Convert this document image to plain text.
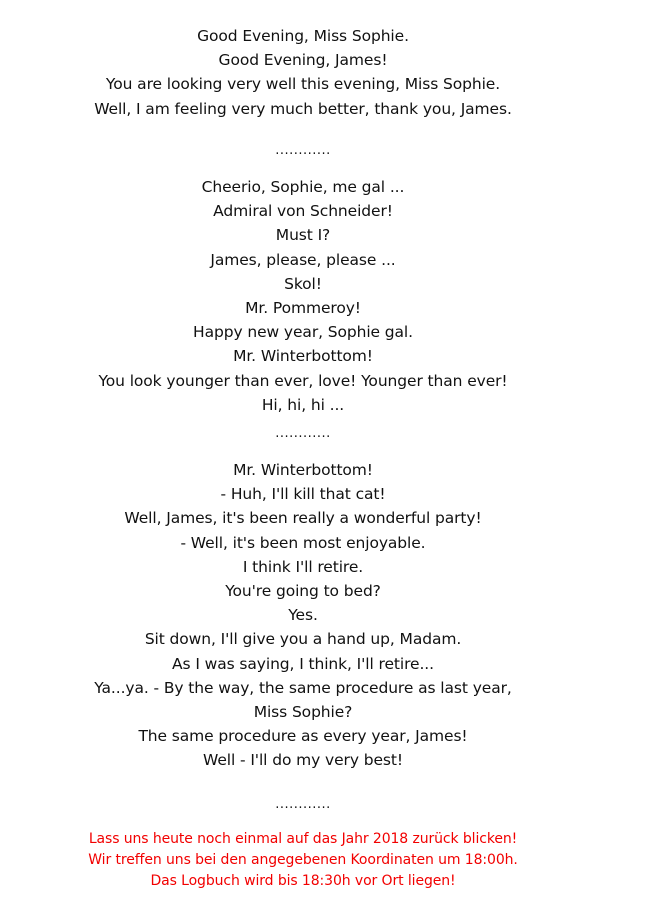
Good Evening, Miss Sophie.
Good Evening, James!
You are looking very well this evening, Miss Sophie.
Well, I am feeling very much better, thank you, James.
............
Cheerio, Sophie, me gal ...
Admiral von Schneider!
Must I?
James, please, please ...
Skol!
Mr. Pommeroy!
Happy new year, Sophie gal.
Mr. Winterbottom!
You look younger than ever, love! Younger than ever!
Hi, hi, hi ...
............
Mr. Winterbottom!
- Huh, I'll kill that cat!
Well, James, it's been really a wonderful party!
- Well, it's been most enjoyable.
I think I'll retire.
You're going to bed?
Yes.
Sit down, I'll give you a hand up, Madam.
As I was saying, I think, I'll retire...
Ya...ya. - By the way, the same procedure as last year,
Miss Sophie?
The same procedure as every year, James!
Well - I'll do my very best!
............
Lass uns heute noch einmal auf das Jahr 2018 zurück blicken!
Wir treffen uns bei den angegebenen Koordinaten um 18:00h.
Das Logbuch wird bis 18:30h vor Ort liegen!
